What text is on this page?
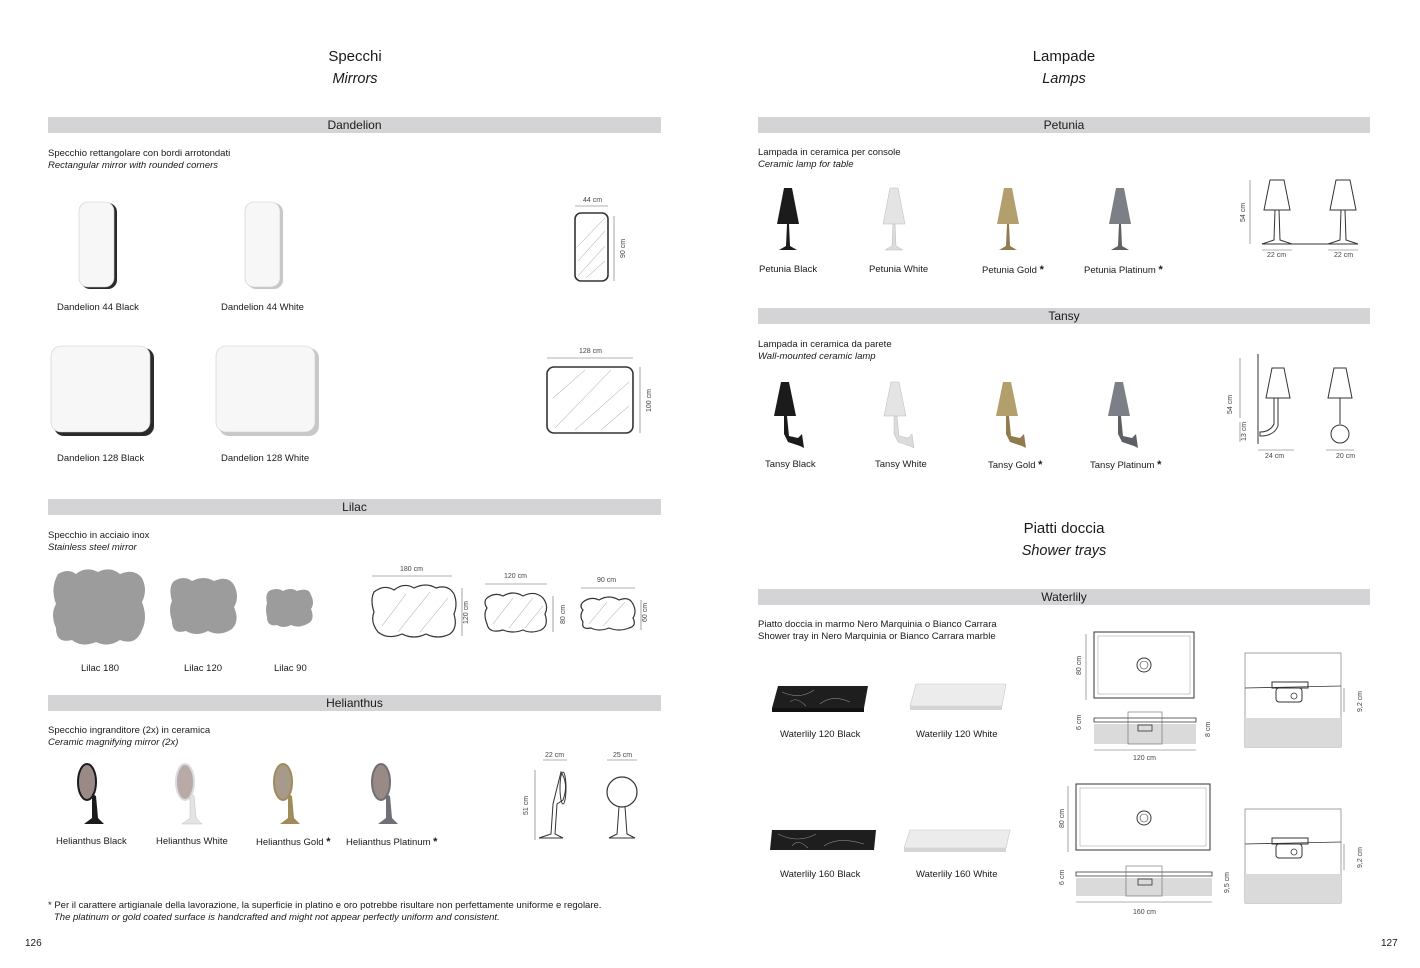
Specchi
Mirrors
Dandelion
Specchio rettangolare con bordi arrotondati
Rectangular mirror with rounded corners
Dandelion 44 Black	Dandelion 44 White
Dandelion 128 Black	Dandelion 128 White
44 cm
90 cm
128 cm
100 cm
Lilac
Specchio in acciaio inox
Stainless steel mirror
Lilac 180	Lilac 120	Lilac 90
180 cm
120 cm
120 cm
80 cm
90 cm
60 cm
Helianthus
Specchio ingranditore (2x) in ceramica
Ceramic magnifying mirror (2x)
Helianthus Black	Helianthus White	Helianthus Gold * Helianthus Platinum *
22 cm	25 cm
51 cm
* Per il carattere artigianale della lavorazione, la superficie in platino e oro potrebbe risultare non perfettamente uniforme e regolare.
The platinum or gold coated surface is handcrafted and might not appear perfectly uniform and consistent.
126
Lampade
Lamps
Petunia
Lampada in ceramica per console
Ceramic lamp for table
Petunia Black	Petunia White	Petunia Gold *	Petunia Platinum *
54 cm
22 cm	22 cm
Tansy
Lampada in ceramica da parete
Wall-mounted ceramic lamp
Tansy Black	Tansy White	Tansy Gold *	Tansy Platinum *
54 cm
13 cm
24 cm	20 cm
Piatti doccia
Shower trays
Waterlily
Piatto doccia in marmo Nero Marquinia o Bianco Carrara
Shower tray in Nero Marquinia or Bianco Carrara marble
Waterlily 120 Black	Waterlily 120 White
Waterlily 160 Black	Waterlily 160 White
80 cm
6 cm	8 cm
120 cm
9,2 cm
80 cm
6 cm	9,5 cm
160 cm
9,2 cm
127
